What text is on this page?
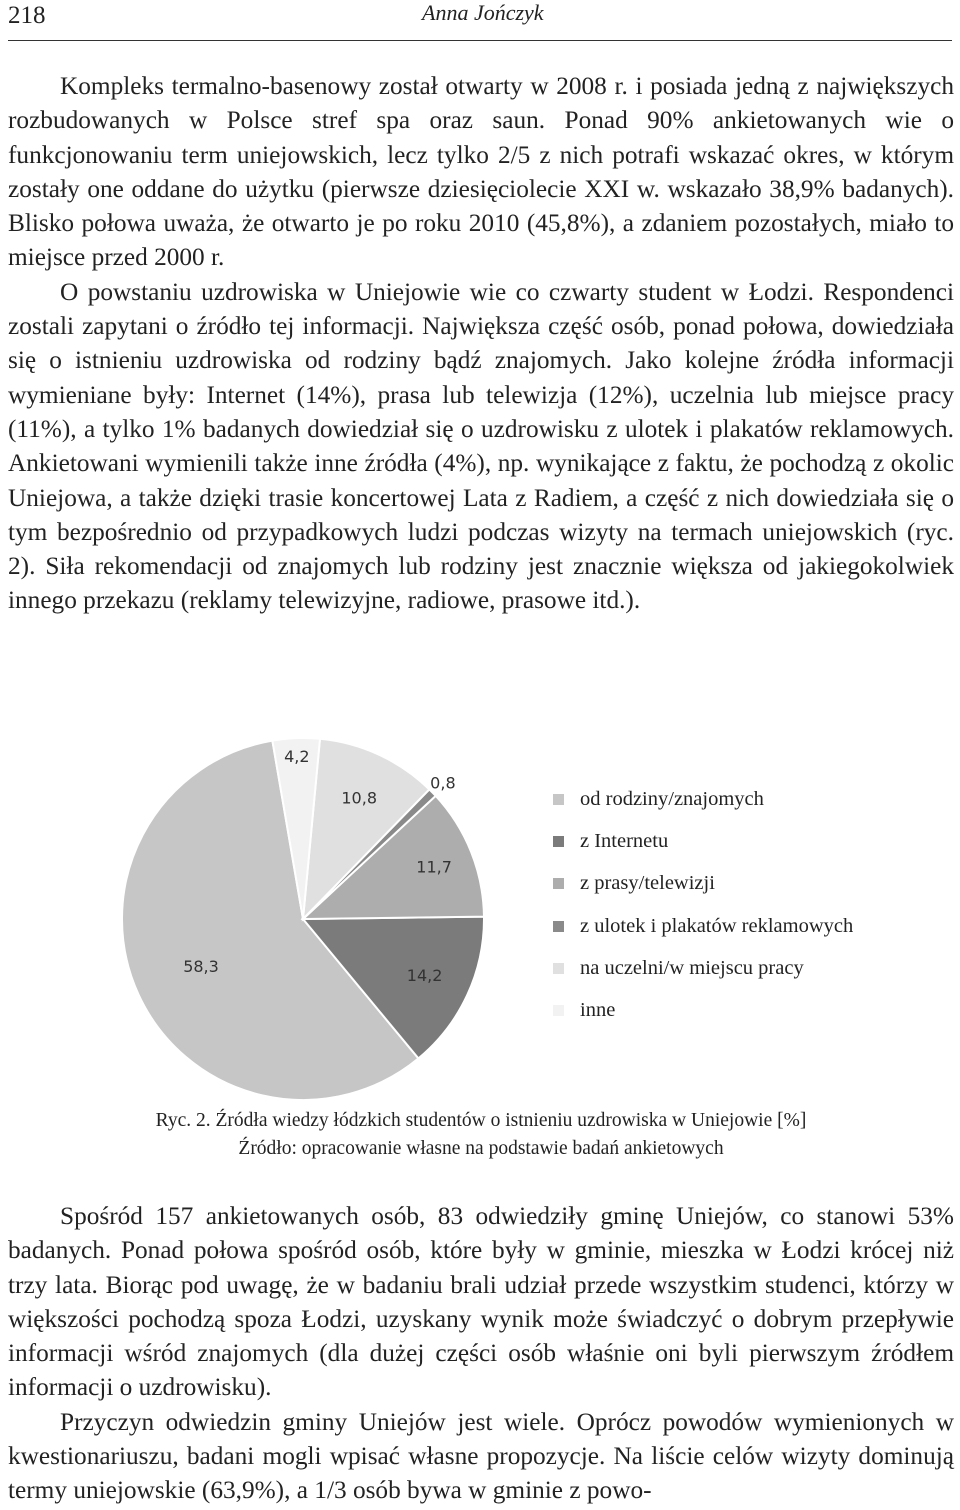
218	Anna Jończyk

Kompleks termalno-basenowy został otwarty w 2008 r. i posiada jedną z największych rozbudowanych w Polsce stref spa oraz saun. Ponad 90% ankietowanych wie o funkcjonowaniu term uniejowskich, lecz tylko 2/5 z nich potrafi wskazać okres, w którym zostały one oddane do użytku (pierwsze dziesięciolecie XXI w. wskazało 38,9% badanych). Blisko połowa uważa, że otwarto je po roku 2010 (45,8%), a zdaniem pozostałych, miało to miejsce przed 2000 r.

O powstaniu uzdrowiska w Uniejowie wie co czwarty student w Łodzi. Respondenci zostali zapytani o źródło tej informacji. Największa część osób, ponad połowa, dowiedziała się o istnieniu uzdrowiska od rodziny bądź znajomych. Jako kolejne źródła informacji wymieniane były: Internet (14%), prasa lub telewizja (12%), uczelnia lub miejsce pracy (11%), a tylko 1% badanych dowiedział się o uzdrowisku z ulotek i plakatów reklamowych. Ankietowani wymienili także inne źródła (4%), np. wynikające z faktu, że pochodzą z okolic Uniejowa, a także dzięki trasie koncertowej Lata z Radiem, a część z nich dowiedziała się o tym bezpośrednio od przypadkowych ludzi podczas wizyty na termach uniejowskich (ryc. 2). Siła rekomendacji od znajomych lub rodziny jest znacznie większa od jakiegokolwiek innego przekazu (reklamy telewizyjne, radiowe, prasowe itd.).

58,3	14,2
11,7
0,8
10,8
4,2
od rodziny/znajomych
z Internetu
z prasy/telewizji
z ulotek i plakatów reklamowych
na uczelni/w miejscu pracy
inne
Ryc. 2. Źródła wiedzy łódzkich studentów o istnieniu uzdrowiska w Uniejowie [%]
Źródło: opracowanie własne na podstawie badań ankietowych

Spośród 157 ankietowanych osób, 83 odwiedziły gminę Uniejów, co stanowi 53% badanych. Ponad połowa spośród osób, które były w gminie, mieszka w Łodzi krócej niż trzy lata. Biorąc pod uwagę, że w badaniu brali udział przede wszystkim studenci, którzy w większości pochodzą spoza Łodzi, uzyskany wynik może świadczyć o dobrym przepływie informacji wśród znajomych (dla dużej części osób właśnie oni byli pierwszym źródłem informacji o uzdrowisku).

Przyczyn odwiedzin gminy Uniejów jest wiele. Oprócz powodów wymienionych w kwestionariuszu, badani mogli wpisać własne propozycje. Na liście celów wizyty dominują termy uniejowskie (63,9%), a 1/3 osób bywa w gminie z powo-
